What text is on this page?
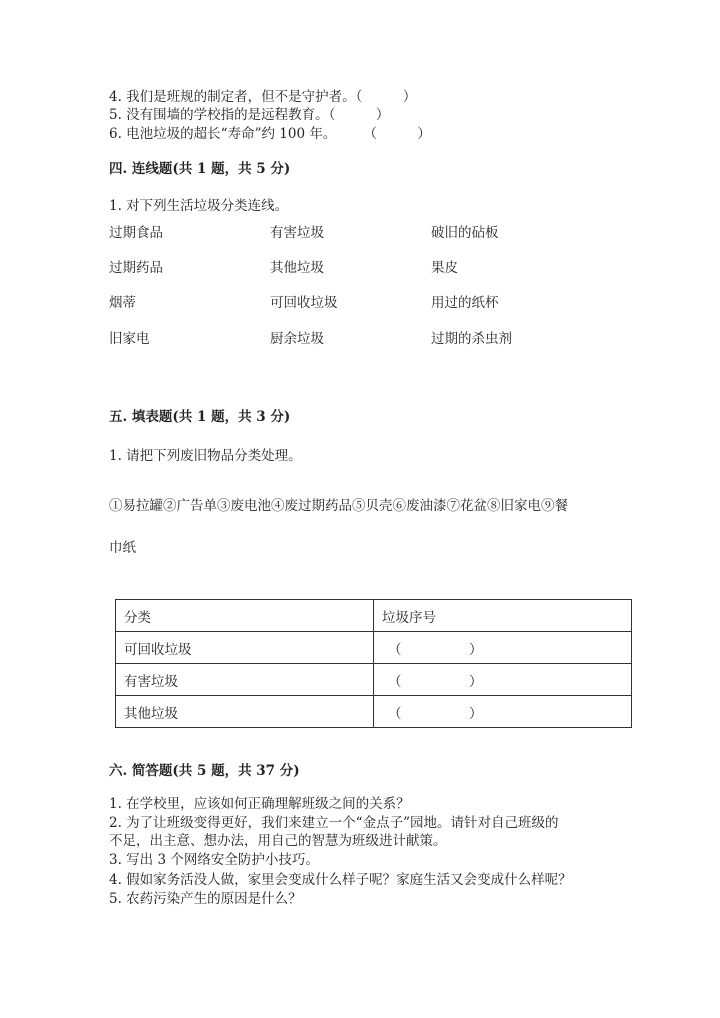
4. 我们是班规的制定者，但不是守护者。（　　　）
5. 没有围墙的学校指的是远程教育。（　　　）
6. 电池垃圾的超长“寿命”约 100 年。　　　（　　　）
四. 连线题(共 1 题，共 5 分)
1. 对下列生活垃圾分类连线。
过期食品	有害垃圾	破旧的砧板
过期药品	其他垃圾	果皮
烟蒂	可回收垃圾	用过的纸杯
旧家电	厨余垃圾	过期的杀虫剂
五. 填表题(共 1 题，共 3 分)
1. 请把下列废旧物品分类处理。
①易拉罐②广告单③废电池④废过期药品⑤贝壳⑥废油漆⑦花盆⑧旧家电⑨餐
巾纸
分类	垃圾序号
可回收垃圾	（　　　　　）
有害垃圾	（　　　　　）
其他垃圾	（　　　　　）
六. 简答题(共 5 题，共 37 分)
1. 在学校里，应该如何正确理解班级之间的关系？
2. 为了让班级变得更好，我们来建立一个“金点子”园地。请针对自己班级的
不足，出主意、想办法，用自己的智慧为班级进计献策。
3. 写出 3 个网络安全防护小技巧。
4. 假如家务活没人做，家里会变成什么样子呢？家庭生活又会变成什么样呢？
5. 农药污染产生的原因是什么？
